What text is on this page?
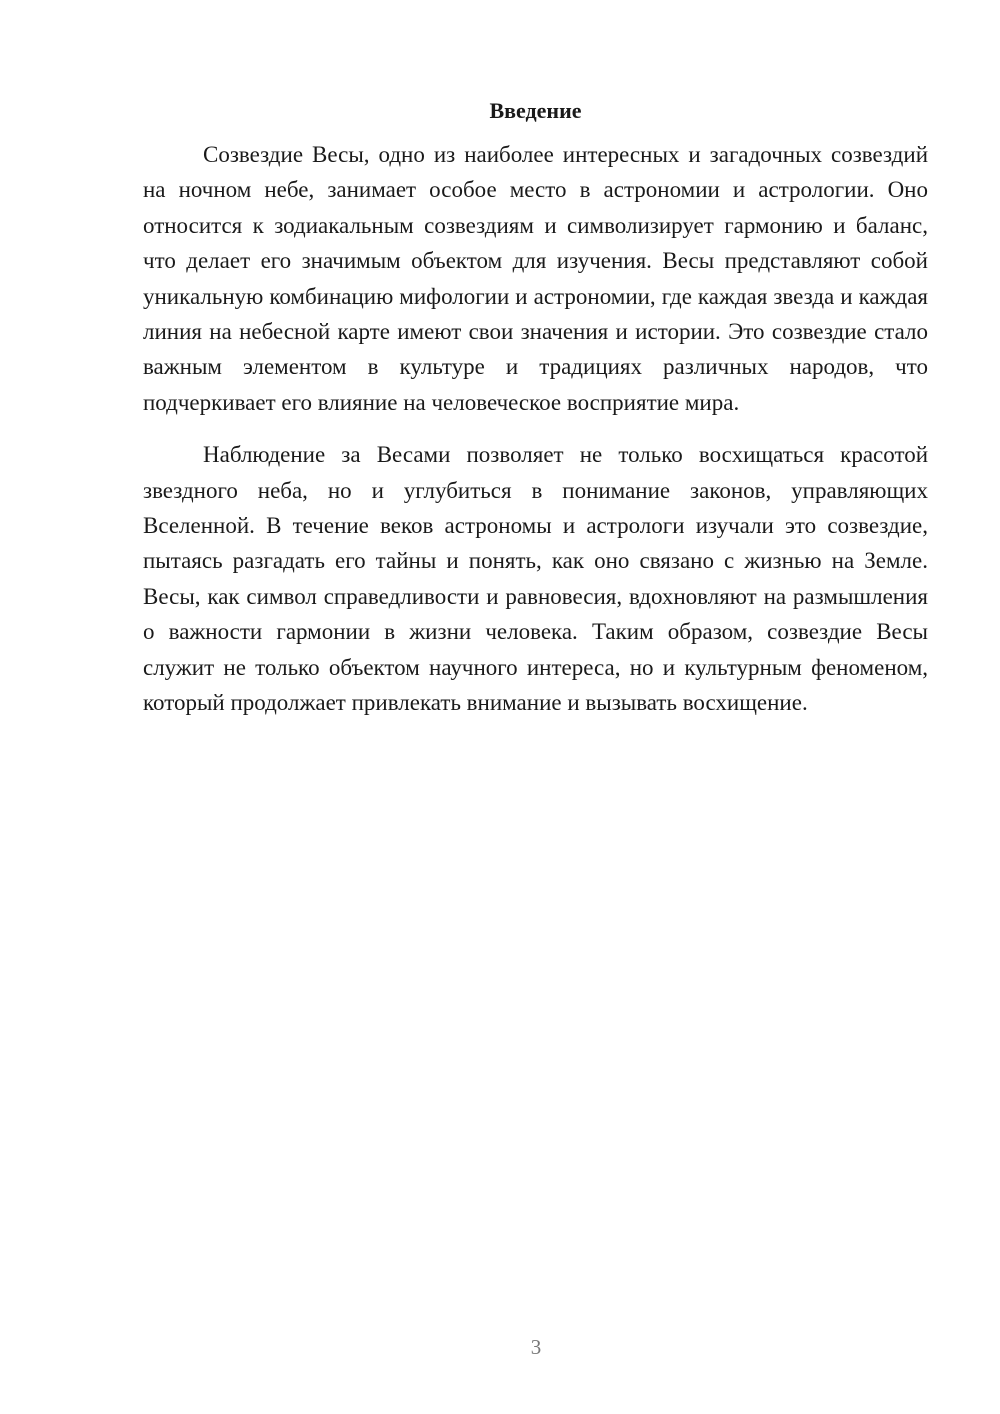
Введение

Созвездие Весы, одно из наиболее интересных и загадочных созвездий на ночном небе, занимает особое место в астрономии и астрологии. Оно относится к зодиакальным созвездиям и символизирует гармонию и баланс, что делает его значимым объектом для изучения. Весы представляют собой уникальную комбинацию мифологии и астрономии, где каждая звезда и каждая линия на небесной карте имеют свои значения и истории. Это созвездие стало важным элементом в культуре и традициях различных народов, что подчеркивает его влияние на человеческое восприятие мира.

Наблюдение за Весами позволяет не только восхищаться красотой звездного неба, но и углубиться в понимание законов, управляющих Вселенной. В течение веков астрономы и астрологи изучали это созвездие, пытаясь разгадать его тайны и понять, как оно связано с жизнью на Земле. Весы, как символ справедливости и равновесия, вдохновляют на размышления о важности гармонии в жизни человека. Таким образом, созвездие Весы служит не только объектом научного интереса, но и культурным феноменом, который продолжает привлекать внимание и вызывать восхищение.

3
